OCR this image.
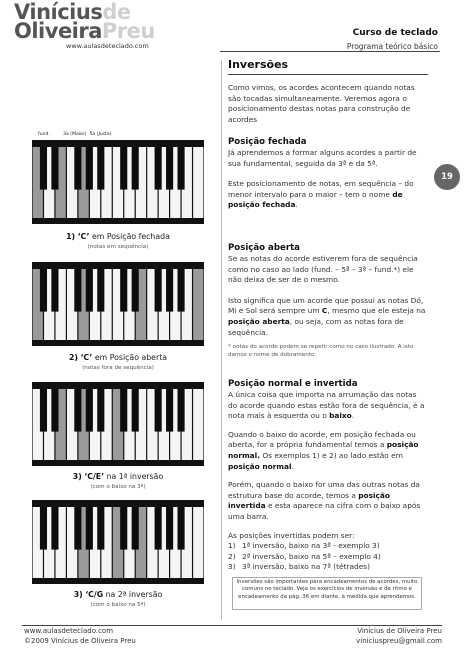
Viníciusde
OliveiraPreu
www.aulasdeteclado.com
Curso de teclado
Programa teórico básico
19
fund.	3a (Maior) 5a (Justa)
1) ‘C’ em Posição fechada
(notas em sequência)
2) ‘C’ em Posição aberta
(notas fora de sequência)
3) ‘C/E’ na 1ª inversão
(com o baixo na 3ª)
3) ‘C/G na 2ª inversão
(com o baixo na 5ª)
Inversões
Como vimos, os acordes acontecem quando notas são tocadas simultaneamente. Veremos agora o posicionamento destas notas para construção de acordes
Posição fechada
Já aprendemos a formar alguns acordes a partir de sua fundamental, seguida da 3ª e da 5ª.
Este posicionamento de notas, em sequência – do menor intervalo para o maior – tem o nome de posição fechada.
Posição aberta
Se as notas do acorde estiverem fora de sequência como no caso ao lado (fund. – 5ª – 3ª – fund.*) ele não deixa de ser de o mesmo.
Isto significa que um acorde que possui as notas Dó, Mi e Sol será sempre um C, mesmo que ele esteja na posição aberta, ou seja, com as notas fora de sequência.
* notas do acorde podem se repetir como no caso ilustrado. A isto damos o nome de dobramento.
Posição normal e invertida
A única coisa que importa na arrumação das notas do acorde quando estas estão fora de sequência, é a nota mais à esquerda ou o baixo.
Quando o baixo do acorde, em posição fechada ou aberta, for a própria fundamental temos a posição normal. Os exemplos 1) e 2) ao lado estão em posição normal.
Porém, quando o baixo for uma das outras notas da estrutura base do acorde, temos a posição invertida e esta aparece na cifra com o baixo após uma barra.
As posições invertidas podem ser:
1) 1ª inversão, baixo na 3ª - exemplo 3)
2) 2ª inversão, baixo na 5ª – exemplo 4)
3) 3ª inversão, baixo na 7ª (tétrades)
Inversões são importantes para encadeamentos de acordes, muito comuns no teclado. Veja os exercícios de inversão e de ritmo e encadeamento da pág. 36 em diante, à medida que aprendemos.
www.aulasdeteclado.com
©2009 Vinícius de Oliveira Preu
Vinícius de Oliveira Preu
viniciuspreu@gmail.com
